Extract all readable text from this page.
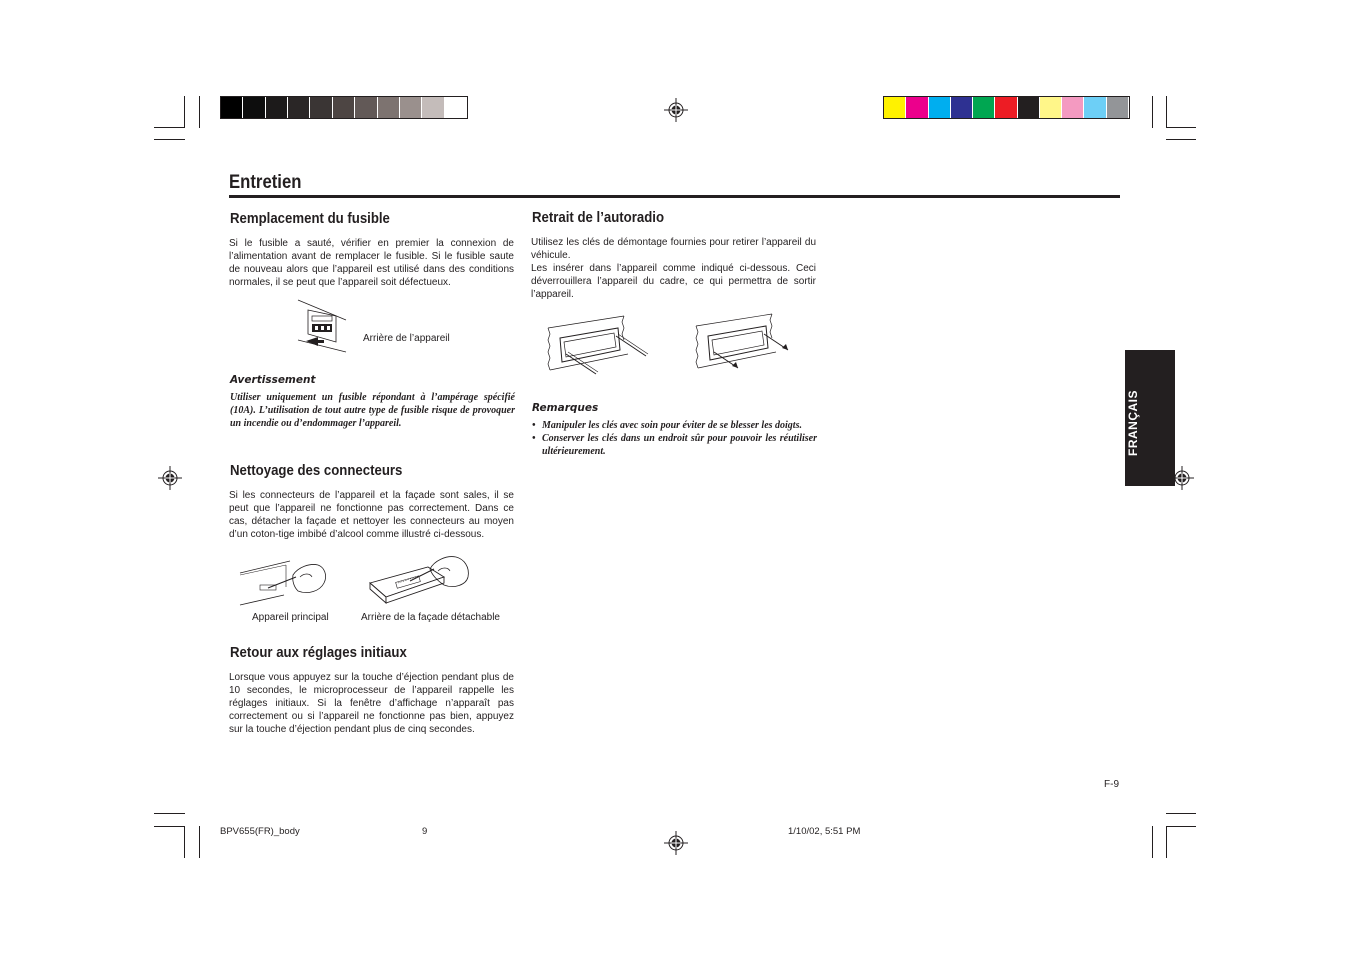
Entretien
Remplacement du fusible
Si le fusible a sauté, vérifier en premier la connexion de l’alimentation avant de remplacer le fusible. Si le fusible saute de nouveau alors que l’appareil est utilisé dans des conditions normales, il se peut que l’appareil soit défectueux.
Arrière de l’appareil
Avertissement
Utiliser uniquement un fusible répondant à l’ampérage spécifié (10A). L’utilisation de tout autre type de fusible risque de provoquer un incendie ou d’endommager l’appareil.
Nettoyage des connecteurs
Si les connecteurs de l’appareil et la façade sont sales, il se peut que l’appareil ne fonctionne pas correctement. Dans ce cas, détacher la façade et nettoyer les connecteurs au moyen d’un coton-tige imbibé d’alcool comme illustré ci-dessous.
Appareil principal	Arrière de la façade détachable
Retour aux réglages initiaux
Lorsque vous appuyez sur la touche d’éjection pendant plus de 10 secondes, le microprocesseur de l’appareil rappelle les réglages initiaux. Si la fenêtre d’affichage n’apparaît pas correctement ou si l’appareil ne fonctionne pas bien, appuyez sur la touche d’éjection pendant plus de cinq secondes.
Retrait de l’autoradio
Utilisez les clés de démontage fournies pour retirer l’appareil du véhicule.
Les insérer dans l’appareil comme indiqué ci-dessous. Ceci déverrouillera l’appareil du cadre, ce qui permettra de sortir l’appareil.
Remarques
• Manipuler les clés avec soin pour éviter de se blesser les doigts.
• Conserver les clés dans un endroit sûr pour pouvoir les réutiliser ultérieurement.	FRANÇAIS
F-9
BPV655(FR)_body	9	1/10/02, 5:51 PM
